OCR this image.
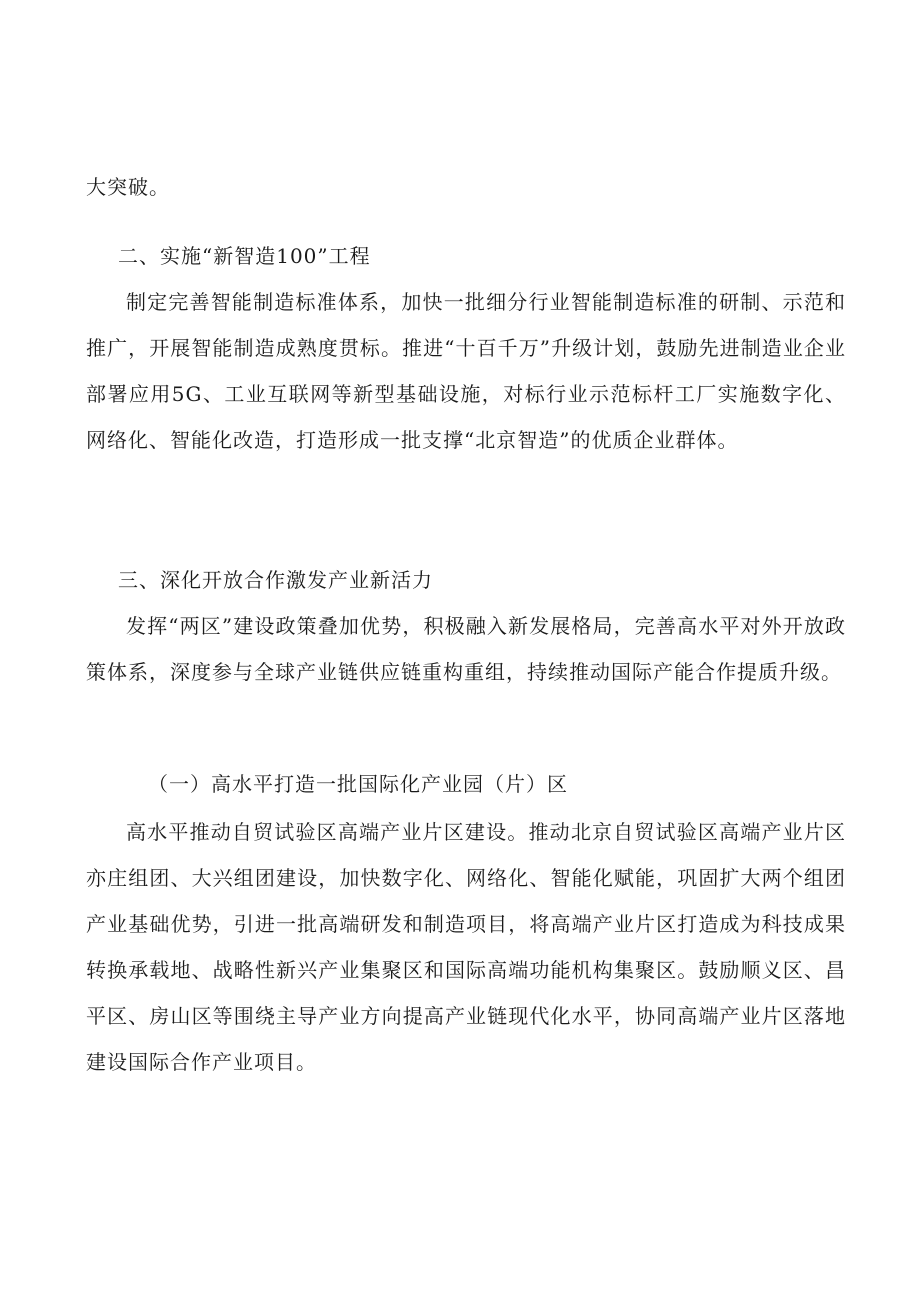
大突破。

二、实施“新智造100”工程

制定完善智能制造标准体系，加快一批细分行业智能制造标准的研制、示范和推广，开展智能制造成熟度贯标。推进“十百千万”升级计划，鼓励先进制造业企业部署应用5G、工业互联网等新型基础设施，对标行业示范标杆工厂实施数字化、网络化、智能化改造，打造形成一批支撑“北京智造”的优质企业群体。

三、深化开放合作激发产业新活力

发挥“两区”建设政策叠加优势，积极融入新发展格局，完善高水平对外开放政策体系，深度参与全球产业链供应链重构重组，持续推动国际产能合作提质升级。

（一）高水平打造一批国际化产业园（片）区

高水平推动自贸试验区高端产业片区建设。推动北京自贸试验区高端产业片区亦庄组团、大兴组团建设，加快数字化、网络化、智能化赋能，巩固扩大两个组团产业基础优势，引进一批高端研发和制造项目，将高端产业片区打造成为科技成果转换承载地、战略性新兴产业集聚区和国际高端功能机构集聚区。鼓励顺义区、昌平区、房山区等围绕主导产业方向提高产业链现代化水平，协同高端产业片区落地建设国际合作产业项目。
